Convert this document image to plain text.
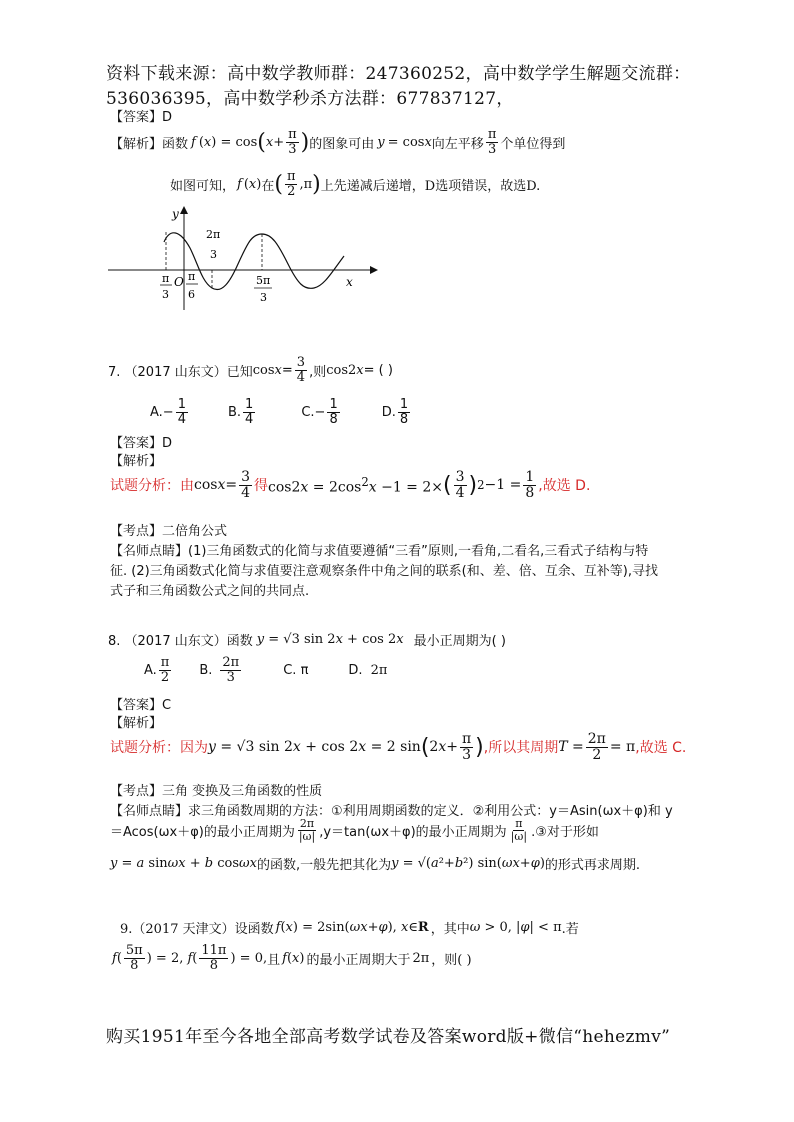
资料下载来源：高中数学教师群：247360252，高中数学学生解题交流群：
536036395，高中数学秒杀方法群：677837127，
【答案】D
【解析】 函数 f ( x ) = cos ( $x + \frac{\pi}{3}$ ) 的图象可由 y = cos x 向左平移 $\frac{\pi}{3}$ 个单位得到
如图可知， f ( x ) 在 ( $\frac{\pi}{2} ,\pi$ ) 上先递减后递增，D选项错误，故选D.
y
x
O
π
3
π
6
2π
3
5π
3
7. （2017 山东文）已知 $\cos x = \frac{3}{4}$ ,则 cos2 x = ( )
A. − $\frac{1}{4}$	B. $\frac{1}{4}$	C. − $\frac{1}{8}$	D. $\frac{1}{8}$
【答案】D
【解析】
试题分析：由 $\cos x= \frac{3}{4}$ 得 $\cos 2x = 2\cos^2x -1 = 2\times$ ( $\frac{3}{4}$ ) $2 -1 = \frac{1}{8}$ ,故选 D.
【考点】二倍角公式
【名师点睛】(1)三角函数式的化简与求值要遵循“三看”原则,一看角,二看名,三看式子结构与特
征. (2)三角函数式化简与求值要注意观察条件中角之间的联系(和、差、倍、互余、互补等),寻找
式子和三角函数公式之间的共同点.
8. （2017 山东文）函数 y = √3 sin 2x + cos 2x 最小正周期为( )
A. $\frac{\pi}{2} B$. $\frac{2\pi}{3}$	C. π	D. 2π
【答案】C
【解析】
试题分析：因为 y = √3 sin 2x + cos 2x = 2 sin ( $2x+ \frac{\pi}{3}$ ) ,所以其周期 $T = \frac{2\pi}{2} = \pi$ ,故选 C.
【考点】三角 变换及三角函数的性质
【名师点睛】求三角函数周期的方法：①利用周期函数的定义．②利用公式：y＝Asin(ωx＋φ)和 y
＝Acos(ωx＋φ)的最小正周期为 $\frac{2\pi}{|\omega|} ,y=\tan(\omega x+\varphi)$的最小正周期为 $\frac{\pi}{|\omega|}$ .③对于形如
y = a sinωx + b cosωx 的函数,一般先把其化为 y = √(a²+b²) sin(ωx+φ) 的形式再求周期.
9.（2017 天津文）设函数 f(x) = 2sin(ωx+φ), x∈R ，其中 ω > 0, |φ| < π .若
$f( \frac{5\pi}{8}$ ) = 2, $f( \frac{11\pi}{8}$ ) = 0, 且 f(x) 的最小正周期大于 2π ，则( )
购买1951年至今各地全部高考数学试卷及答案word版+微信“hehezmv”
